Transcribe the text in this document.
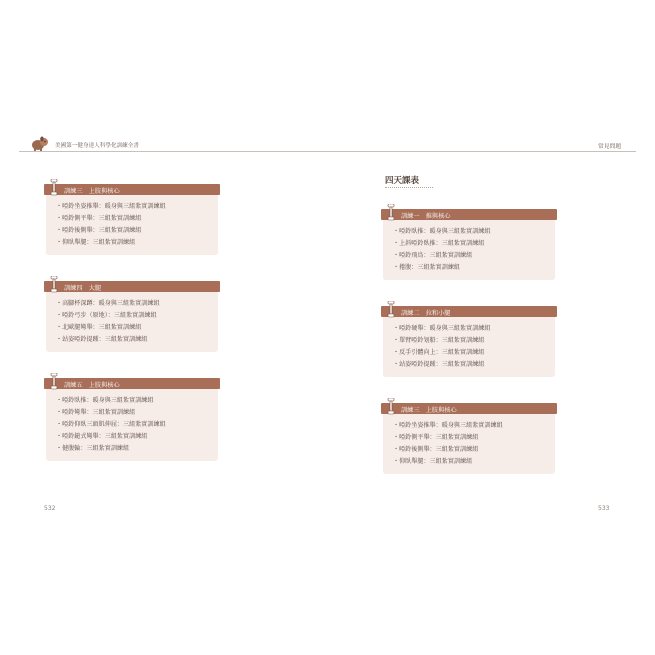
美國第一健身達人科學化訓練全書	常見問題
訓練三　上肢與核心
・ 啞鈴坐姿推舉：暖身與三組紮實訓練組
・ 啞鈴側平舉：三組紮實訓練組
・ 啞鈴後側舉：三組紮實訓練組
・ 仰臥舉腿：三組紮實訓練組
訓練四　大腿
・ 高腳杯深蹲：暖身與三組紮實訓練組
・ 啞鈴弓步（原地）：三組紮實訓練組
・ 北歐腿彎舉：三組紮實訓練組
・ 站姿啞鈴提踵：三組紮實訓練組
訓練五　上肢與核心
・ 啞鈴臥推：暖身與三組紮實訓練組
・ 啞鈴彎舉：三組紮實訓練組
・ 啞鈴仰臥三頭肌伸屈：三組紮實訓練組
・ 啞鈴鎚式彎舉：三組紮實訓練組
・ 健腹輪：三組紮實訓練組
532
四天課表
訓練一　推與核心
・ 啞鈴臥推：暖身與三組紮實訓練組
・ 上斜啞鈴臥推：三組紮實訓練組
・ 啞鈴飛鳥：三組紮實訓練組
・ 捲腹：三組紮實訓練組
訓練二　拉和小腿
・ 啞鈴硬舉：暖身與三組紮實訓練組
・ 單臂啞鈴划船：三組紮實訓練組
・ 反手引體向上：三組紮實訓練組
・ 站姿啞鈴提踵：三組紮實訓練組
訓練三　上肢與核心
・ 啞鈴坐姿推舉：暖身與三組紮實訓練組
・ 啞鈴側平舉：三組紮實訓練組
・ 啞鈴後側舉：三組紮實訓練組
・ 仰臥舉腿：三組紮實訓練組
533
